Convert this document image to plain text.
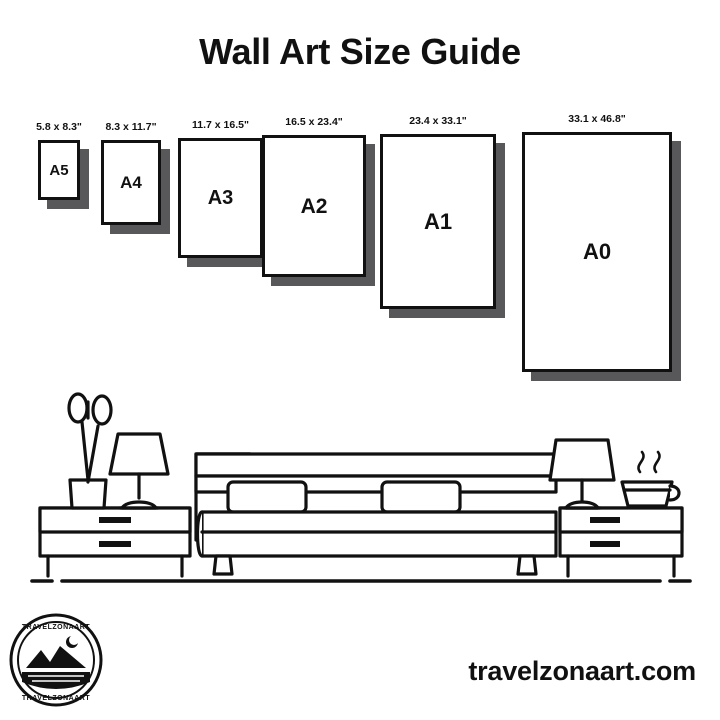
Wall Art Size Guide
A5
5.8 x 8.3"
A4
8.3 x 11.7"
A3
11.7 x 16.5"
A2
16.5 x 23.4"
A1
23.4 x 33.1"
A0
33.1 x 46.8"
TRAVELZONAART
TRAVELZONAART
travelzonaart.com
